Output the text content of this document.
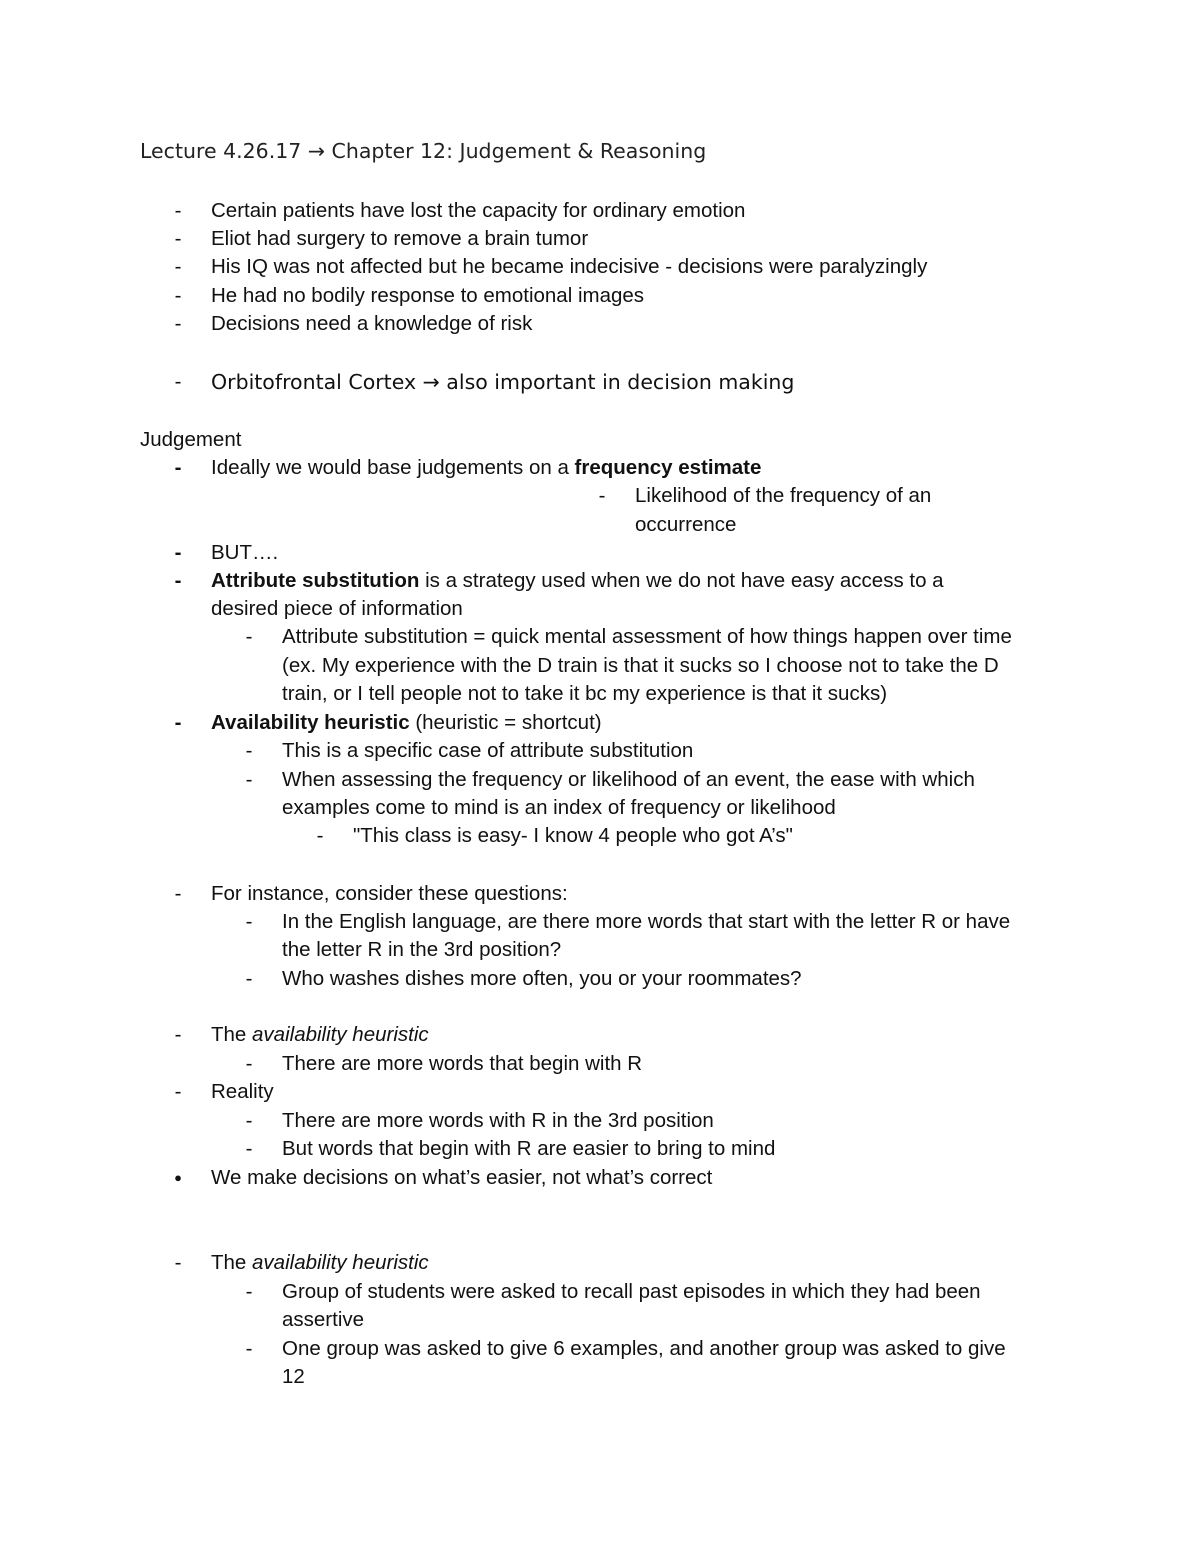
Lecture 4.26.17 → Chapter 12: Judgement & Reasoning
- Certain patients have lost the capacity for ordinary emotion
- Eliot had surgery to remove a brain tumor
- His IQ was not affected but he became indecisive - decisions were paralyzingly
- He had no bodily response to emotional images
- Decisions need a knowledge of risk
- Orbitofrontal Cortex → also important in decision making
Judgement
- Ideally we would base judgements on a frequency estimate
- Likelihood of the frequency of an
occurrence
- BUT….
- Attribute substitution is a strategy used when we do not have easy access to a
desired piece of information
- Attribute substitution = quick mental assessment of how things happen over time
(ex. My experience with the D train is that it sucks so I choose not to take the D
train, or I tell people not to take it bc my experience is that it sucks)
- Availability heuristic (heuristic = shortcut)
- This is a specific case of attribute substitution
- When assessing the frequency or likelihood of an event, the ease with which
examples come to mind is an index of frequency or likelihood
- "This class is easy- I know 4 people who got A’s"
- For instance, consider these questions:
- In the English language, are there more words that start with the letter R or have
the letter R in the 3rd position?
- Who washes dishes more often, you or your roommates?
- The availability heuristic
- There are more words that begin with R
- Reality
- There are more words with R in the 3rd position
- But words that begin with R are easier to bring to mind
● We make decisions on what’s easier, not what’s correct
- The availability heuristic
- Group of students were asked to recall past episodes in which they had been
assertive
- One group was asked to give 6 examples, and another group was asked to give
12
